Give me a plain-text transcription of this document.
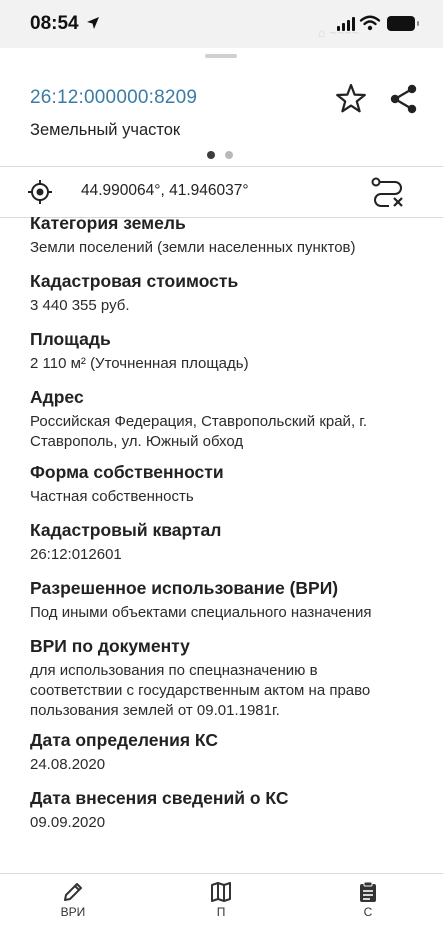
08:54	⌂ ~~~~
26:12:000000:8209
Земельный участок
44.990064°, 41.946037°
Категория земель
Земли поселений (земли населенных пунктов)
Кадастровая стоимость
3 440 355 руб.
Площадь
2 110 м² (Уточненная площадь)
Адрес
Российская Федерация, Ставропольский край, г.
Ставрополь, ул. Южный обход
Форма собственности
Частная собственность
Кадастровый квартал
26:12:012601
Разрешенное использование (ВРИ)
Под иными объектами специального назначения
ВРИ по документу
для использования по спецназначению в
соответствии с государственным актом на право
пользования землей от 09.01.1981г.
Дата определения КС
24.08.2020
Дата внесения сведений о КС
09.09.2020
ВРИ	П	С
